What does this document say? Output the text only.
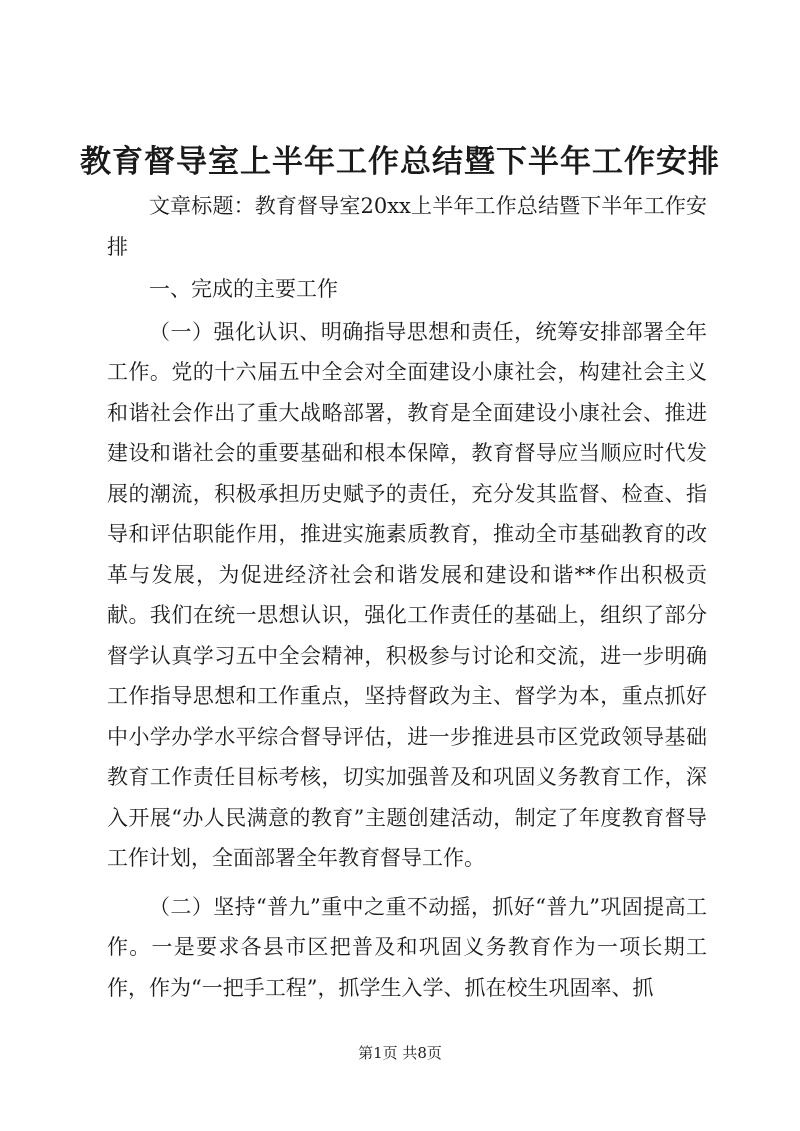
教育督导室上半年工作总结暨下半年工作安排

文章标题：教育督导室20xx上半年工作总结暨下半年工作安排

一、完成的主要工作

（一）强化认识、明确指导思想和责任，统筹安排部署全年工作。党的十六届五中全会对全面建设小康社会，构建社会主义和谐社会作出了重大战略部署，教育是全面建设小康社会、推进建设和谐社会的重要基础和根本保障，教育督导应当顺应时代发展的潮流，积极承担历史赋予的责任，充分发其监督、检查、指导和评估职能作用，推进实施素质教育，推动全市基础教育的改革与发展，为促进经济社会和谐发展和建设和谐**作出积极贡献。我们在统一思想认识，强化工作责任的基础上，组织了部分督学认真学习五中全会精神，积极参与讨论和交流，进一步明确工作指导思想和工作重点，坚持督政为主、督学为本，重点抓好中小学办学水平综合督导评估，进一步推进县市区党政领导基础教育工作责任目标考核，切实加强普及和巩固义务教育工作，深入开展“办人民满意的教育”主题创建活动，制定了年度教育督导工作计划，全面部署全年教育督导工作。

（二）坚持“普九”重中之重不动摇，抓好“普九”巩固提高工作。一是要求各县市区把普及和巩固义务教育作为一项长期工作，作为“一把手工程”，抓学生入学、抓在校生巩固率、抓

第1页 共8页
